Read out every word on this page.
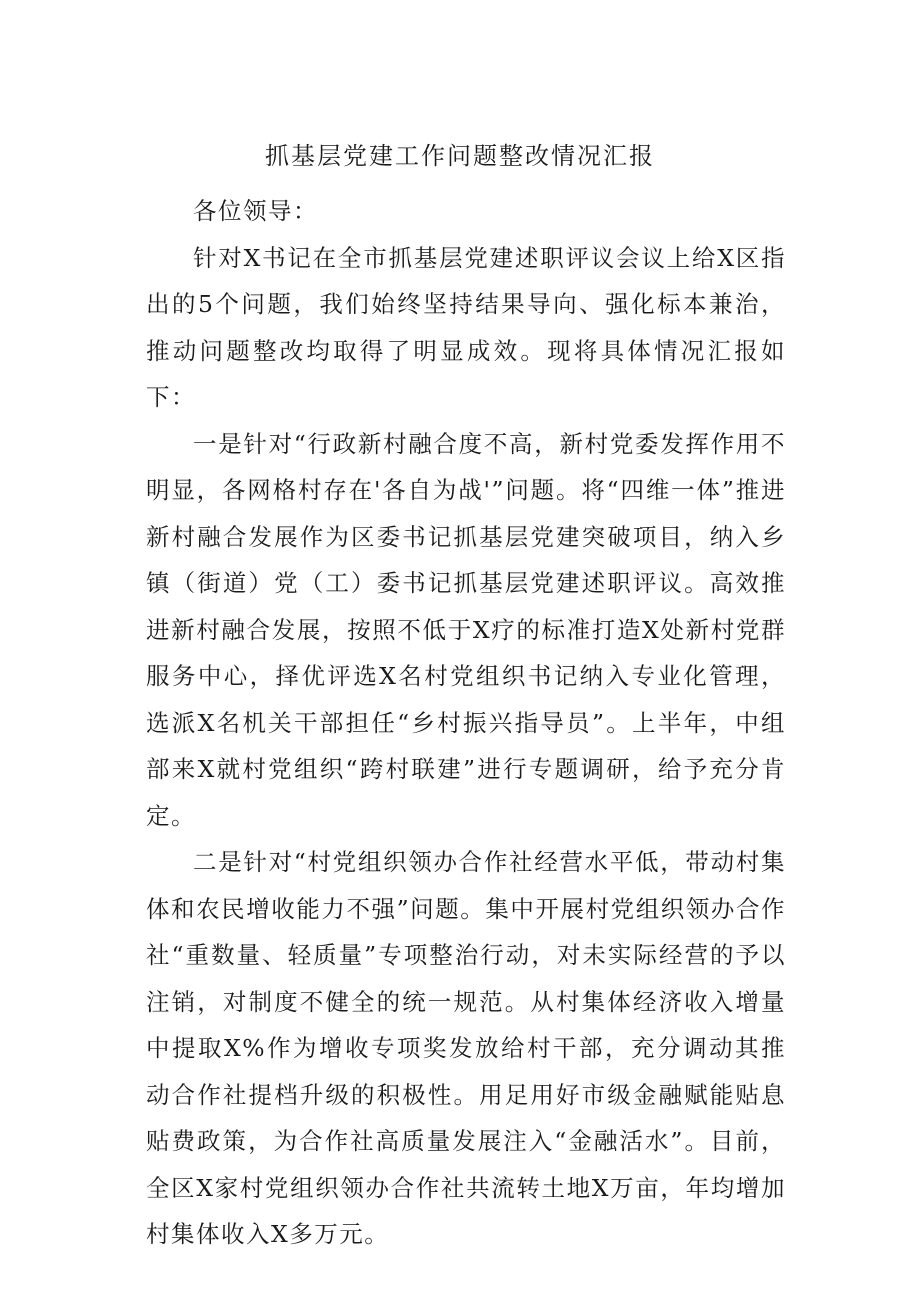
抓基层党建工作问题整改情况汇报

各位领导：

针对X书记在全市抓基层党建述职评议会议上给X区指出的5个问题，我们始终坚持结果导向、强化标本兼治，推动问题整改均取得了明显成效。现将具体情况汇报如下：

一是针对“行政新村融合度不高，新村党委发挥作用不明显，各网格村存在'各自为战'”问题。将“四维一体”推进新村融合发展作为区委书记抓基层党建突破项目，纳入乡镇（街道）党（工）委书记抓基层党建述职评议。高效推进新村融合发展，按照不低于X疗的标准打造X处新村党群服务中心，择优评选X名村党组织书记纳入专业化管理，选派X名机关干部担任“乡村振兴指导员”。上半年，中组部来X就村党组织“跨村联建”进行专题调研，给予充分肯定。

二是针对“村党组织领办合作社经营水平低，带动村集体和农民增收能力不强”问题。集中开展村党组织领办合作社“重数量、轻质量”专项整治行动，对未实际经营的予以注销，对制度不健全的统一规范。从村集体经济收入增量中提取X%作为增收专项奖发放给村干部，充分调动其推动合作社提档升级的积极性。用足用好市级金融赋能贴息贴费政策，为合作社高质量发展注入“金融活水”。目前，全区X家村党组织领办合作社共流转土地X万亩，年均增加村集体收入X多万元。
